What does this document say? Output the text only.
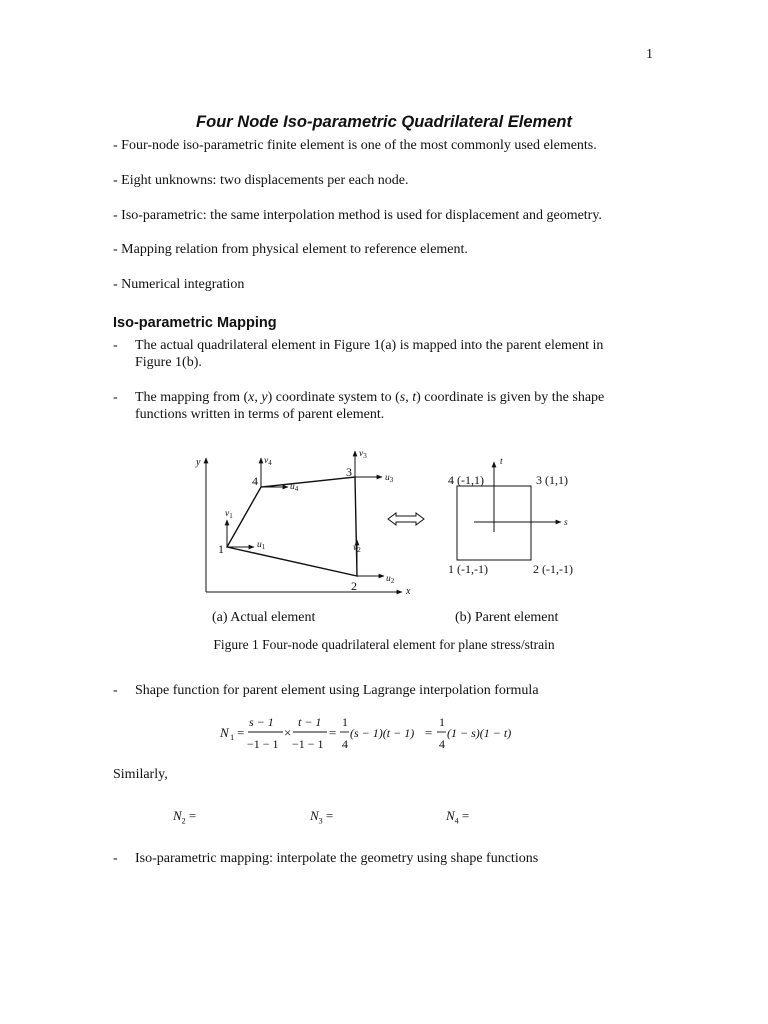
1
Four Node Iso-parametric Quadrilateral Element
- Four-node iso-parametric finite element is one of the most commonly used elements.
- Eight unknowns: two displacements per each node.
- Iso-parametric: the same interpolation method is used for displacement and geometry.
- Mapping relation from physical element to reference element.
- Numerical integration
Iso-parametric Mapping
- The actual quadrilateral element in Figure 1(a) is mapped into the parent element in
Figure 1(b).
- The mapping from (x, y) coordinate system to (s, t) coordinate is given by the shape
functions written in terms of parent element.
y
x
1
2
3
4
$u_1$
$u_2$
$u_3$
$u_4$
$v_1$
$v_2$
$v_3$
$v_4$	t
s
4 (-1,1)	3 (1,1)
1 (-1,-1)	2 (-1,-1)
(a) Actual element	(b) Parent element
Figure 1 Four-node quadrilateral element for plane stress/strain
- Shape function for parent element using Lagrange interpolation formula
N 1 =
s − 1
−1 − 1
×
t − 1
−1 − 1
=
1
4
(s − 1)(t − 1) =
1
4
(1 − s)(1 − t)
Similarly,
$N_2$ =	$N_3$ =	$N_4$ =
- Iso-parametric mapping: interpolate the geometry using shape functions
